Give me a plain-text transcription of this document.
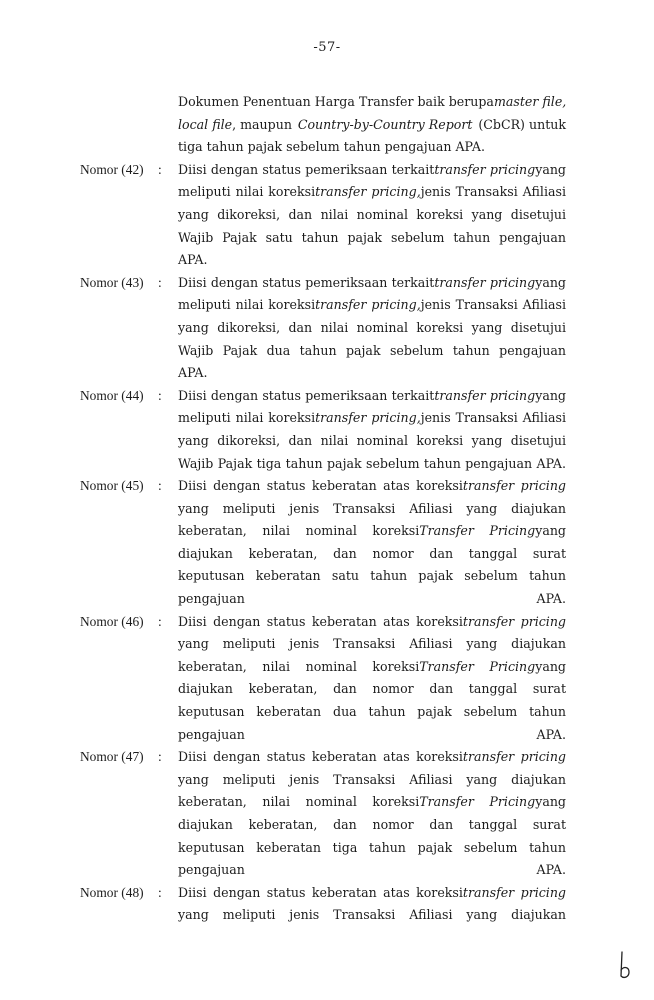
-57-
Dokumen Penentuan Harga Transfer baik berupa master file,
local file, maupun Country-by-Country Report (CbCR) untuk
tiga tahun pajak sebelum tahun pengajuan APA.
Nomor (42) : Diisi dengan status pemeriksaan terkaittransfer pricingyang
meliputi nilai koreksitransfer pricing,jenis Transaksi Afiliasi
yang dikoreksi, dan nilai nominal koreksi yang disetujui
Wajib Pajak satu tahun pajak sebelum tahun pengajuan
APA.
Nomor (43) : Diisi dengan status pemeriksaan terkaittransfer pricingyang
meliputi nilai koreksitransfer pricing,jenis Transaksi Afiliasi
yang dikoreksi, dan nilai nominal koreksi yang disetujui
Wajib Pajak dua tahun pajak sebelum tahun pengajuan
APA.
Nomor (44) : Diisi dengan status pemeriksaan terkaittransfer pricingyang
meliputi nilai koreksitransfer pricing,jenis Transaksi Afiliasi
yang dikoreksi, dan nilai nominal koreksi yang disetujui
Wajib Pajak tiga tahun pajak sebelum tahun pengajuan APA.
Nomor (45) : Diisi dengan status keberatan atas koreksitransfer pricing
yang meliputi jenis Transaksi Afiliasi yang diajukan
keberatan, nilai nominal koreksiTransfer Pricingyang
diajukan keberatan, dan nomor dan tanggal surat
keputusan keberatan satu tahun pajak sebelum tahun
pengajuan APA.
Nomor (46) : Diisi dengan status keberatan atas koreksitransfer pricing
yang meliputi jenis Transaksi Afiliasi yang diajukan
keberatan, nilai nominal koreksiTransfer Pricingyang
diajukan keberatan, dan nomor dan tanggal surat
keputusan keberatan dua tahun pajak sebelum tahun
pengajuan APA.
Nomor (47) : Diisi dengan status keberatan atas koreksitransfer pricing
yang meliputi jenis Transaksi Afiliasi yang diajukan
keberatan, nilai nominal koreksiTransfer Pricingyang
diajukan keberatan, dan nomor dan tanggal surat
keputusan keberatan tiga tahun pajak sebelum tahun
pengajuan APA.
Nomor (48) : Diisi dengan status keberatan atas koreksitransfer pricing
yang meliputi jenis Transaksi Afiliasi yang diajukan
